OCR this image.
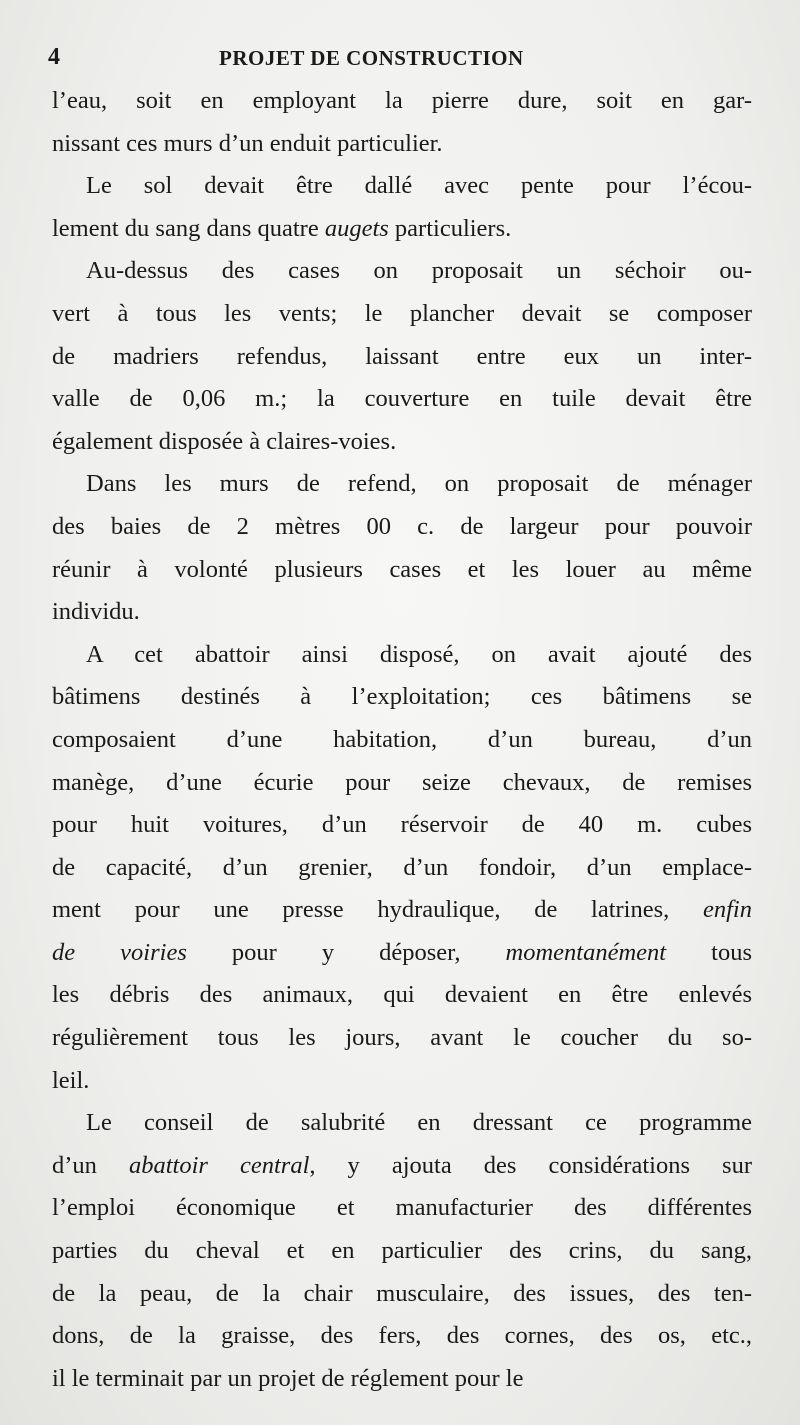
4	PROJET DE CONSTRUCTION
l’eau, soit en employant la pierre dure, soit en gar-
nissant ces murs d’un enduit particulier.
Le sol devait être dallé avec pente pour l’écou-
lement du sang dans quatre augets particuliers.
Au-dessus des cases on proposait un séchoir ou-
vert à tous les vents; le plancher devait se composer
de madriers refendus, laissant entre eux un inter-
valle de 0,06 m.; la couverture en tuile devait être
également disposée à claires-voies.
Dans les murs de refend, on proposait de ménager
des baies de 2 mètres 00 c. de largeur pour pouvoir
réunir à volonté plusieurs cases et les louer au même
individu.
A cet abattoir ainsi disposé, on avait ajouté des
bâtimens destinés à l’exploitation; ces bâtimens se
composaient d’une habitation, d’un bureau, d’un
manège, d’une écurie pour seize chevaux, de remises
pour huit voitures, d’un réservoir de 40 m. cubes
de capacité, d’un grenier, d’un fondoir, d’un emplace-
ment pour une presse hydraulique, de latrines, enfin
de voiries pour y déposer, momentanément tous
les débris des animaux, qui devaient en être enlevés
régulièrement tous les jours, avant le coucher du so-
leil.
Le conseil de salubrité en dressant ce programme
d’un abattoir central, y ajouta des considérations sur
l’emploi économique et manufacturier des différentes
parties du cheval et en particulier des crins, du sang,
de la peau, de la chair musculaire, des issues, des ten-
dons, de la graisse, des fers, des cornes, des os, etc.,
il le terminait par un projet de réglement pour le
